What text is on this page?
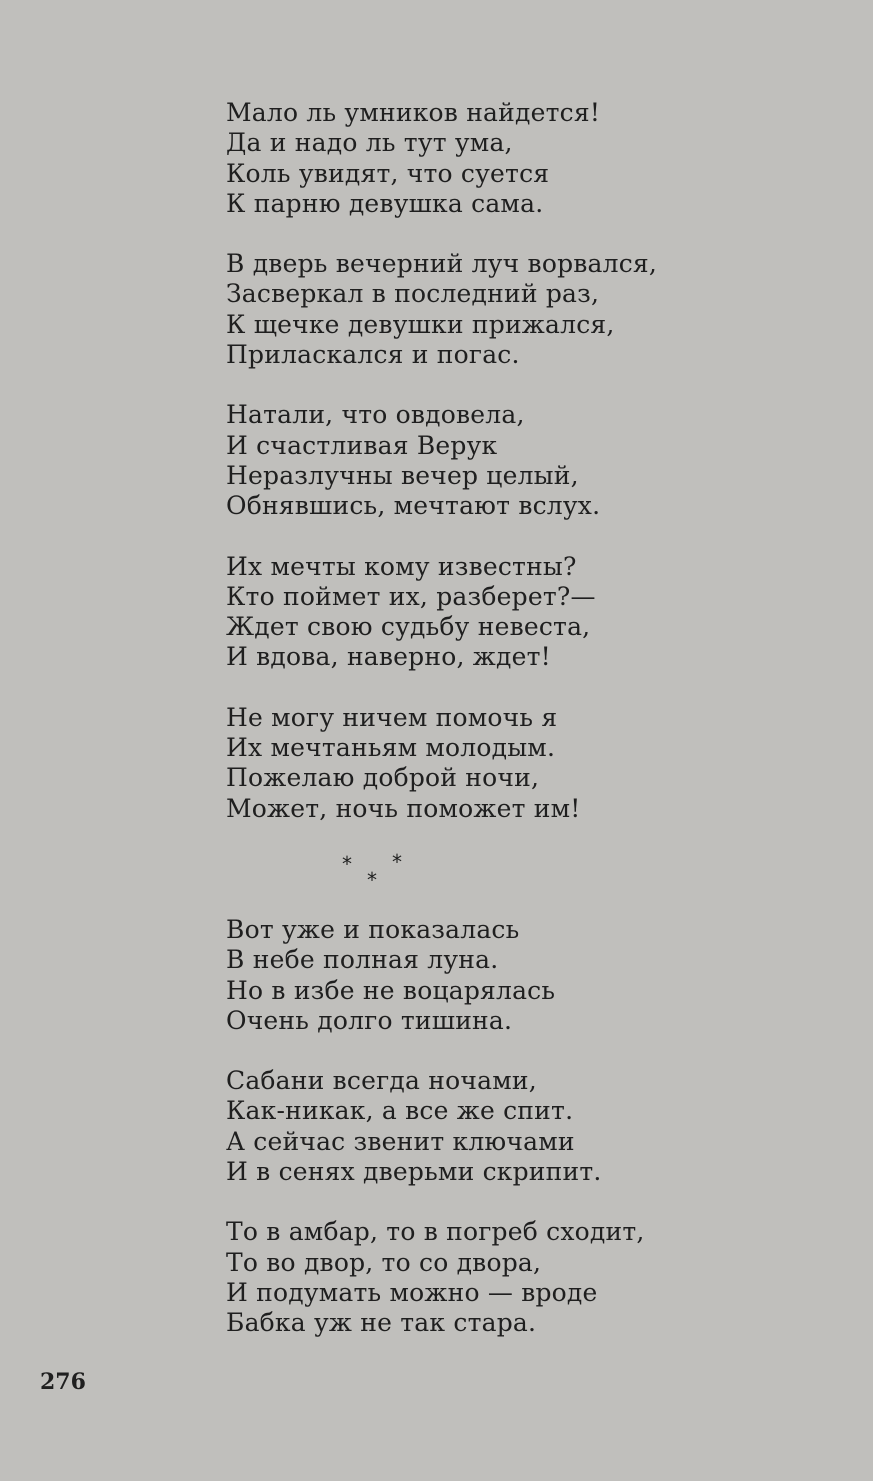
Мало ль умников найдется!
Да и надо ль тут ума,
Коль увидят, что суется
К парню девушка сама.
В дверь вечерний луч ворвался,
Засверкал в последний раз,
К щечке девушки прижался,
Приласкался и погас.
Натали, что овдовела,
И счастливая Верук
Неразлучны вечер целый,
Обнявшись, мечтают вслух.
Их мечты кому известны?
Кто поймет их, разберет?—
Ждет свою судьбу невеста,
И вдова, наверно, ждет!
Не могу ничем помочь я
Их мечтаньям молодым.
Пожелаю доброй ночи,
Может, ночь поможет им!
* *
*
Вот уже и показалась
В небе полная луна.
Но в избе не воцарялась
Очень долго тишина.
Сабани всегда ночами,
Как-никак, а все же спит.
А сейчас звенит ключами
И в сенях дверьми скрипит.
То в амбар, то в погреб сходит,
То во двор, то со двора,
И подумать можно — вроде
Бабка уж не так стара.
276
